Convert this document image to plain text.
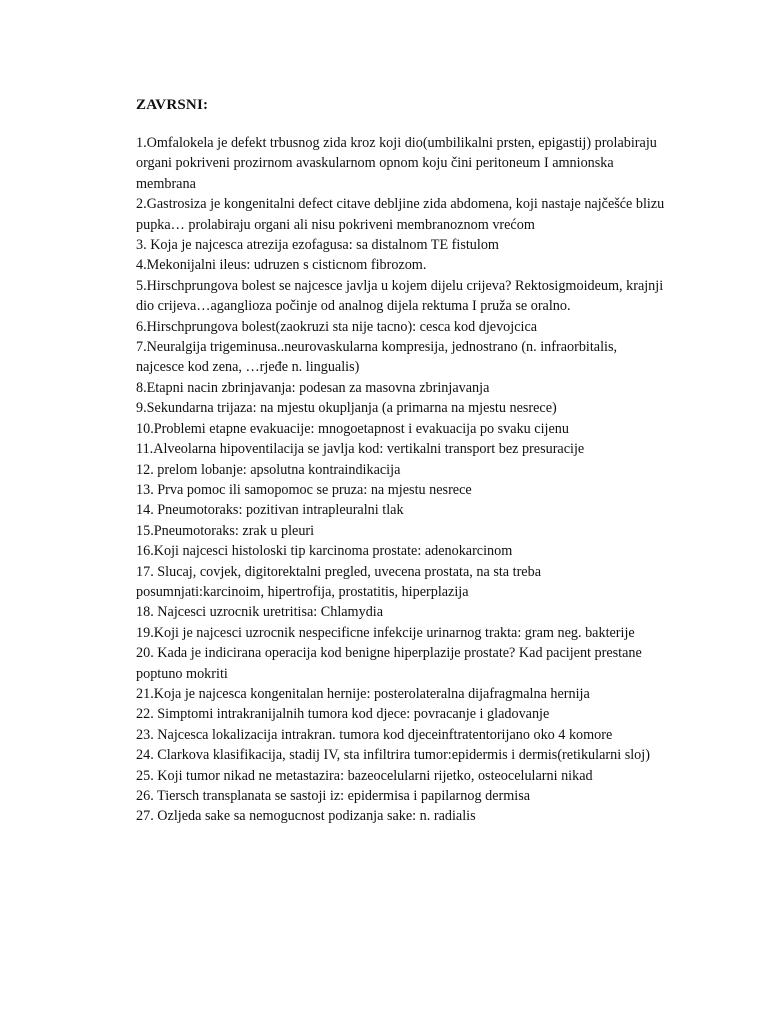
ZAVRSNI:

1.Omfalokela je defekt trbusnog zida kroz koji dio(umbilikalni prsten, epigastij) prolabiraju organi pokriveni prozirnom avaskularnom opnom koju čini peritoneum I amnionska membrana

2.Gastrosiza je kongenitalni defect citave debljine zida abdomena, koji nastaje najčešće blizu pupka… prolabiraju organi ali nisu pokriveni membranoznom vrećom

3. Koja je najcesca atrezija ezofagusa: sa distalnom TE fistulom

4.Mekonijalni ileus: udruzen s cisticnom fibrozom.

5.Hirschprungova bolest se najcesce javlja u kojem dijelu crijeva? Rektosigmoideum, krajnji dio crijeva…aganglioza počinje od analnog dijela rektuma I pruža se oralno.

6.Hirschprungova bolest(zaokruzi sta nije tacno): cesca kod djevojcica

7.Neuralgija trigeminusa..neurovaskularna kompresija, jednostrano (n. infraorbitalis, najcesce kod zena, …rjeđe n. lingualis)

8.Etapni nacin zbrinjavanja: podesan za masovna zbrinjavanja

9.Sekundarna trijaza: na mjestu okupljanja (a primarna na mjestu nesrece)

10.Problemi etapne evakuacije: mnogoetapnost i evakuacija po svaku cijenu

11.Alveolarna hipoventilacija se javlja kod: vertikalni transport bez presuracije

12. prelom lobanje: apsolutna kontraindikacija

13. Prva pomoc ili samopomoc se pruza: na mjestu nesrece

14. Pneumotoraks: pozitivan intrapleuralni tlak

15.Pneumotoraks: zrak u pleuri

16.Koji najcesci histoloski tip karcinoma prostate: adenokarcinom

17. Slucaj, covjek, digitorektalni pregled, uvecena prostata, na sta treba posumnjati:karcinoim, hipertrofija, prostatitis, hiperplazija

18. Najcesci uzrocnik uretritisa: Chlamydia

19.Koji je najcesci uzrocnik nespecificne infekcije urinarnog trakta: gram neg. bakterije

20. Kada je indicirana operacija kod benigne hiperplazije prostate? Kad pacijent prestane poptuno mokriti

21.Koja je najcesca kongenitalan hernije: posterolateralna dijafragmalna hernija

22. Simptomi intrakranijalnih tumora kod djece: povracanje i gladovanje

23. Najcesca lokalizacija intrakran. tumora kod djeceinftratentorijano oko 4 komore

24. Clarkova klasifikacija, stadij IV, sta infiltrira tumor:epidermis i dermis(retikularni sloj)

25. Koji tumor nikad ne metastazira: bazeocelularni rijetko, osteocelularni nikad

26. Tiersch transplanata se sastoji iz: epidermisa i papilarnog dermisa

27. Ozljeda sake sa nemogucnost podizanja sake: n. radialis
